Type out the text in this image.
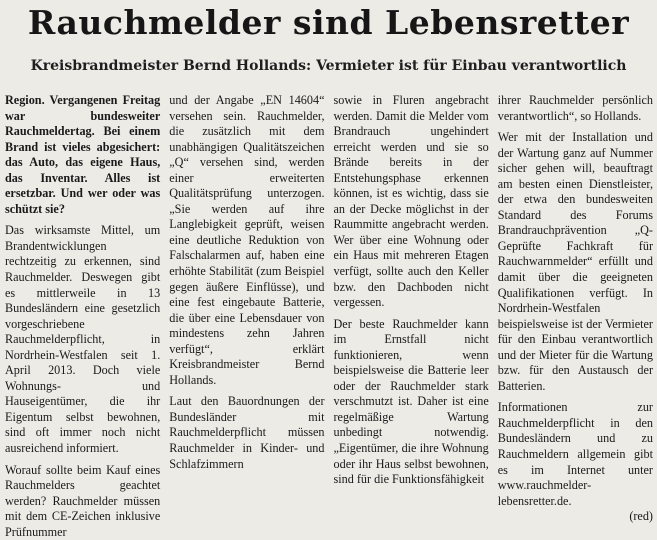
Rauchmelder sind Lebensretter
Kreisbrandmeister Bernd Hollands: Vermieter ist für Einbau verantwortlich

Region. Vergangenen Freitag war bundesweiter Rauchmeldertag. Bei einem Brand ist vieles abgesichert: das Auto, das eigene Haus, das Inventar. Alles ist ersetzbar. Und wer oder was schützt sie?

Das wirksamste Mittel, um Brandentwicklungen rechtzeitig zu erkennen, sind Rauchmelder. Deswegen gibt es mittlerweile in 13 Bundesländern eine gesetzlich vorgeschriebene Rauchmelderpflicht, in Nordrhein-Westfalen seit 1. April 2013. Doch viele Wohnungs- und Hauseigentümer, die ihr Eigentum selbst bewohnen, sind oft immer noch nicht ausreichend informiert.

Worauf sollte beim Kauf eines Rauchmelders geachtet werden? Rauchmelder müssen mit dem CE-Zeichen inklusive Prüfnummer

und der Angabe „EN 14604“ versehen sein. Rauchmelder, die zusätzlich mit dem unabhängigen Qualitätszeichen „Q“ versehen sind, werden einer erweiterten Qualitätsprüfung unterzogen. „Sie werden auf ihre Langlebigkeit geprüft, weisen eine deutliche Reduktion von Falschalarmen auf, haben eine erhöhte Stabilität (zum Beispiel gegen äußere Einflüsse), und eine fest eingebaute Batterie, die über eine Lebensdauer von mindestens zehn Jahren verfügt“, erklärt Kreisbrandmeister Bernd Hollands.

Laut den Bauordnungen der Bundesländer mit Rauchmelderpflicht müssen Rauchmelder in Kinder- und Schlafzimmern

sowie in Fluren angebracht werden. Damit die Melder vom Brandrauch ungehindert erreicht werden und sie so Brände bereits in der Entstehungsphase erkennen können, ist es wichtig, dass sie an der Decke möglichst in der Raummitte angebracht werden. Wer über eine Wohnung oder ein Haus mit mehreren Etagen verfügt, sollte auch den Keller bzw. den Dachboden nicht vergessen.

Der beste Rauchmelder kann im Ernstfall nicht funktionieren, wenn beispielsweise die Batterie leer oder der Rauchmelder stark verschmutzt ist. Daher ist eine regelmäßige Wartung unbedingt notwendig. „Eigentümer, die ihre Wohnung oder ihr Haus selbst bewohnen, sind für die Funktionsfähigkeit

ihrer Rauchmelder persönlich verantwortlich“, so Hollands.

Wer mit der Installation und der Wartung ganz auf Nummer sicher gehen will, beauftragt am besten einen Dienstleister, der etwa den bundesweiten Standard des Forums Brandrauchprävention „Q-Geprüfte Fachkraft für Rauchwarnmelder“ erfüllt und damit über die geeigneten Qualifikationen verfügt. In Nordrhein-Westfalen beispielsweise ist der Vermieter für den Einbau verantwortlich und der Mieter für die Wartung bzw. für den Austausch der Batterien.

Informationen zur Rauchmelderpflicht in den Bundesländern und zu Rauchmeldern allgemein gibt es im Internet unter www.rauchmelder-lebensretter.de.

(red)
